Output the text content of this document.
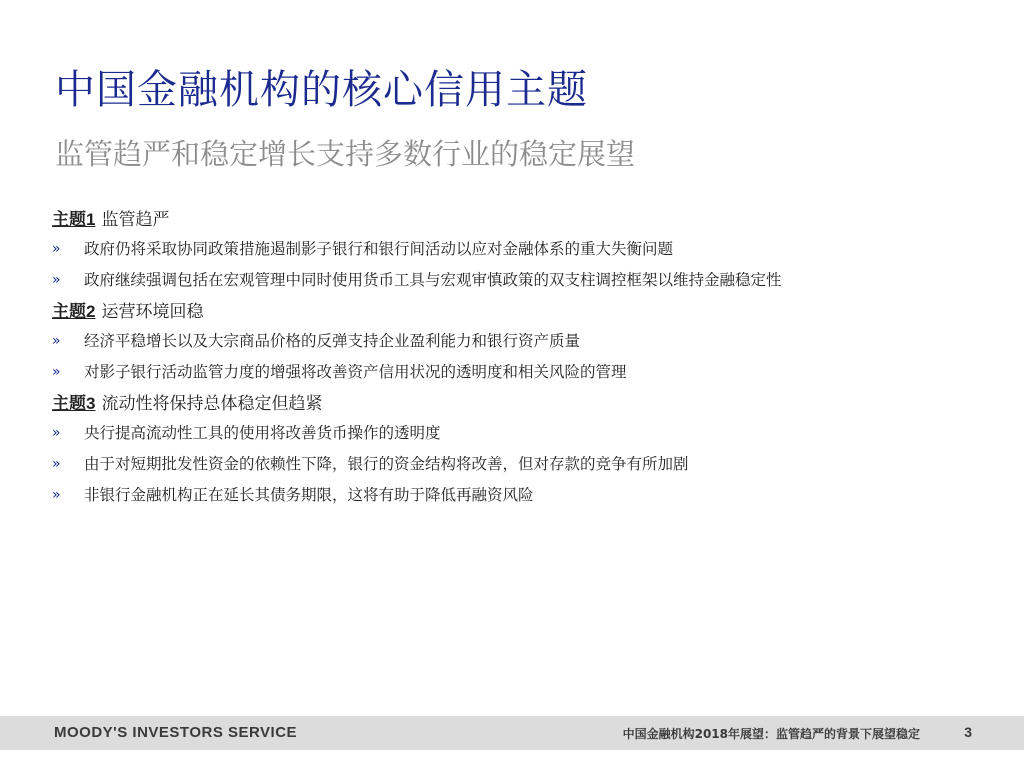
中国金融机构的核心信用主题
监管趋严和稳定增长支持多数行业的稳定展望
主题1 监管趋严
» 政府仍将采取协同政策措施遏制影子银行和银行间活动以应对金融体系的重大失衡问题
» 政府继续强调包括在宏观管理中同时使用货币工具与宏观审慎政策的双支柱调控框架以维持金融稳定性
主题2 运营环境回稳
» 经济平稳增长以及大宗商品价格的反弹支持企业盈利能力和银行资产质量
» 对影子银行活动监管力度的增强将改善资产信用状况的透明度和相关风险的管理
主题3 流动性将保持总体稳定但趋紧
» 央行提高流动性工具的使用将改善货币操作的透明度
» 由于对短期批发性资金的依赖性下降，银行的资金结构将改善，但对存款的竞争有所加剧
» 非银行金融机构正在延长其债务期限，这将有助于降低再融资风险
MOODY'S INVESTORS SERVICE	中国金融机构2018年展望：监管趋严的背景下展望稳定	3
